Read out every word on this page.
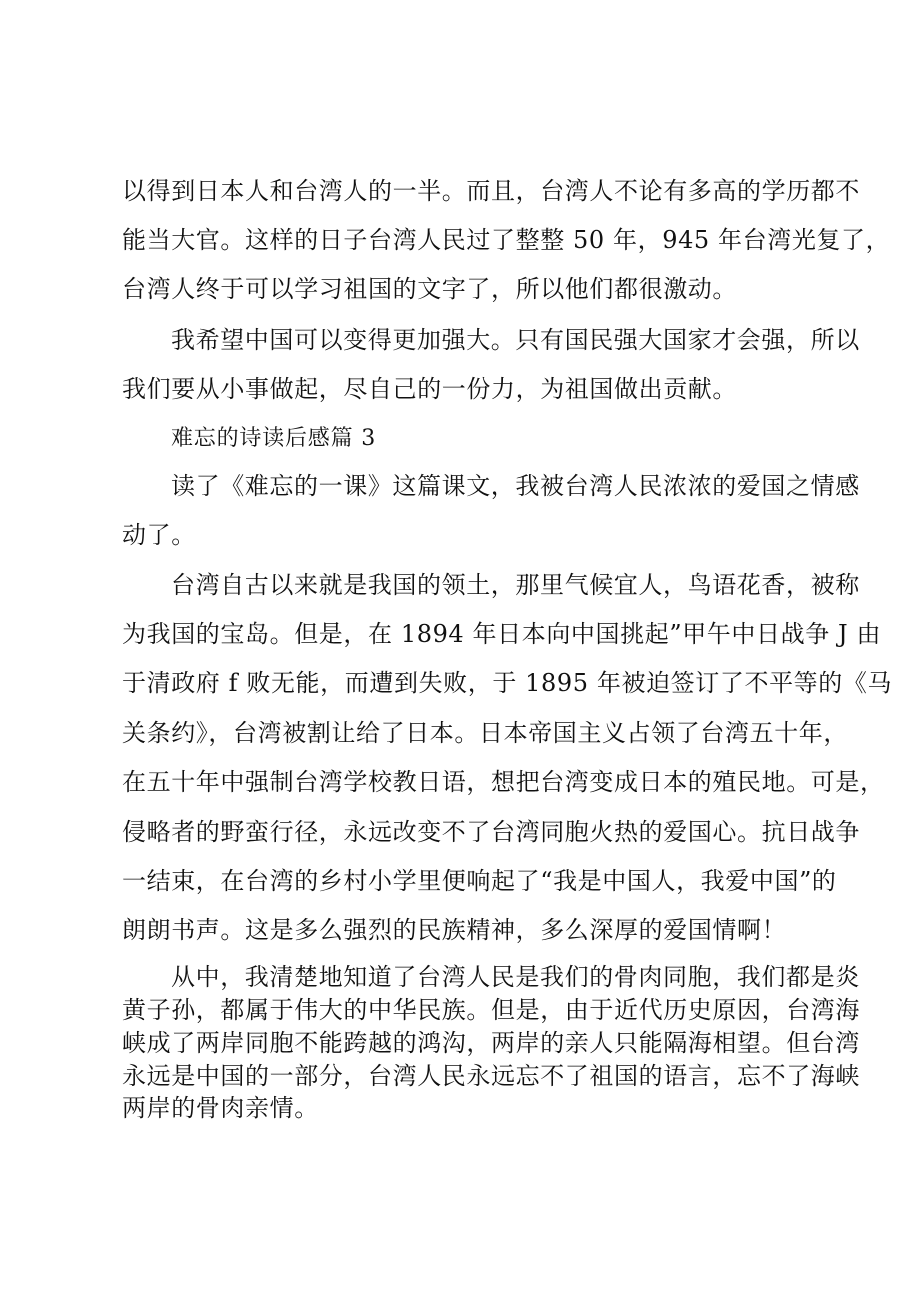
以得到日本人和台湾人的一半。而且，台湾人不论有多高的学历都不
能当大官。这样的日子台湾人民过了整整 50 年，945 年台湾光复了，
台湾人终于可以学习祖国的文字了，所以他们都很激动。
我希望中国可以变得更加强大。只有国民强大国家才会强，所以
我们要从小事做起，尽自己的一份力，为祖国做出贡献。
难忘的诗读后感篇 3
读了《难忘的一课》这篇课文，我被台湾人民浓浓的爱国之情感
动了。
台湾自古以来就是我国的领土，那里气候宜人，鸟语花香，被称
为我国的宝岛。但是，在 1894 年日本向中国挑起”甲午中日战争 J 由
于清政府 f 败无能，而遭到失败，于 1895 年被迫签订了不平等的《马
关条约》，台湾被割让给了日本。日本帝国主义占领了台湾五十年，
在五十年中强制台湾学校教日语，想把台湾变成日本的殖民地。可是，
侵略者的野蛮行径，永远改变不了台湾同胞火热的爱国心。抗日战争
一结束，在台湾的乡村小学里便响起了“我是中国人，我爱中国”的
朗朗书声。这是多么强烈的民族精神，多么深厚的爱国情啊！
从中，我清楚地知道了台湾人民是我们的骨肉同胞，我们都是炎
黄子孙，都属于伟大的中华民族。但是，由于近代历史原因，台湾海
峡成了两岸同胞不能跨越的鸿沟，两岸的亲人只能隔海相望。但台湾
永远是中国的一部分，台湾人民永远忘不了祖国的语言，忘不了海峡
两岸的骨肉亲情。
